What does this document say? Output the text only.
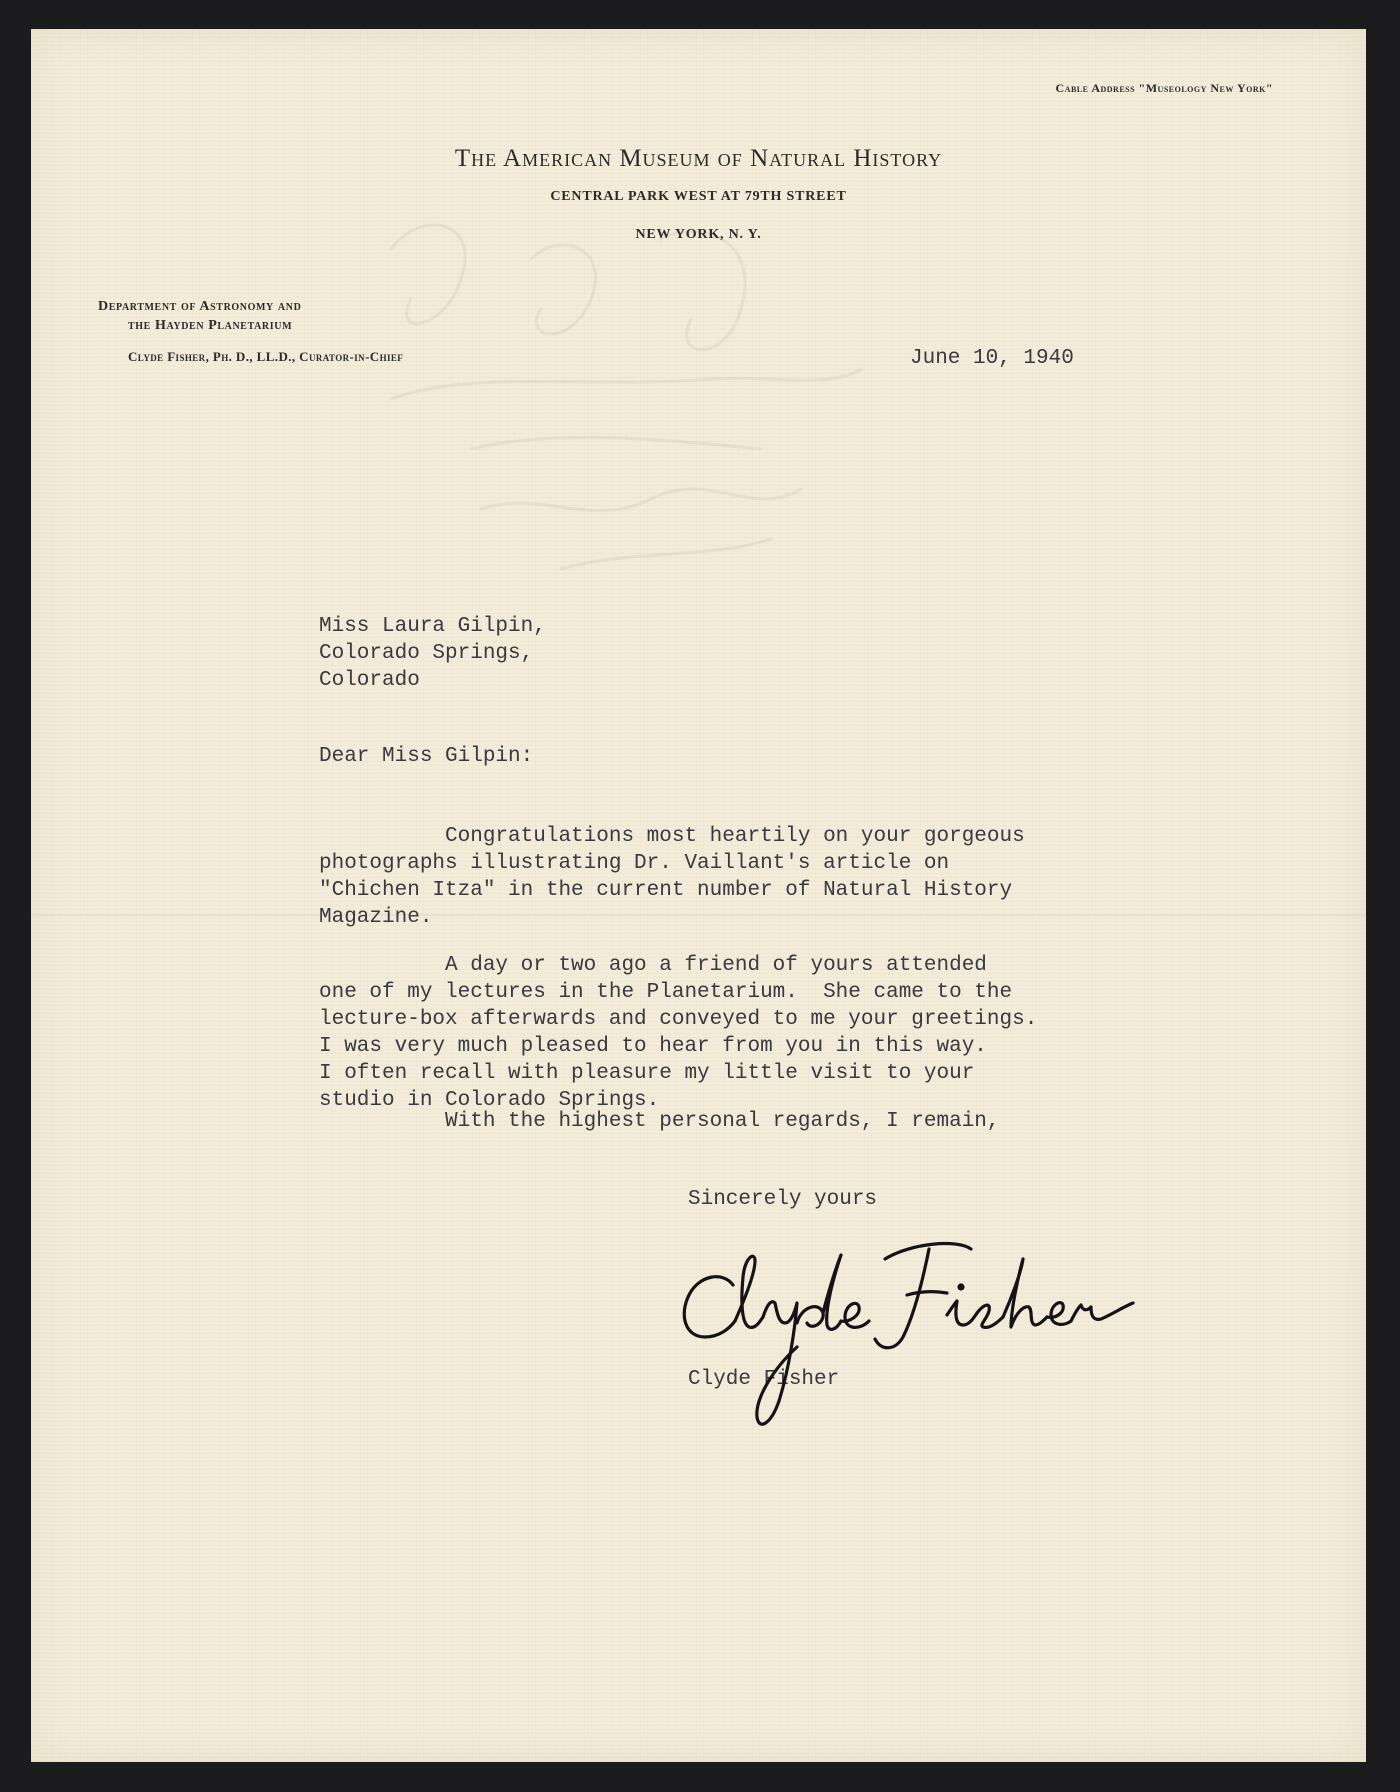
Cable Address "Museology New York"
The American Museum of Natural History
CENTRAL PARK WEST AT 79TH STREET
NEW YORK, N. Y.
Department of Astronomy and
the Hayden Planetarium
Clyde Fisher, Ph. D., LL.D., Curator-in-Chief	June 10, 1940
Miss Laura Gilpin,
Colorado Springs,
Colorado
Dear Miss Gilpin:
Congratulations most heartily on your gorgeous
photographs illustrating Dr. Vaillant's article on
"Chichen Itza" in the current number of Natural History
Magazine.
A day or two ago a friend of yours attended
one of my lectures in the Planetarium.  She came to the
lecture-box afterwards and conveyed to me your greetings.
I was very much pleased to hear from you in this way.
I often recall with pleasure my little visit to your
studio in Colorado Springs.
With the highest personal regards, I remain,
Sincerely yours
Clyde Fisher
